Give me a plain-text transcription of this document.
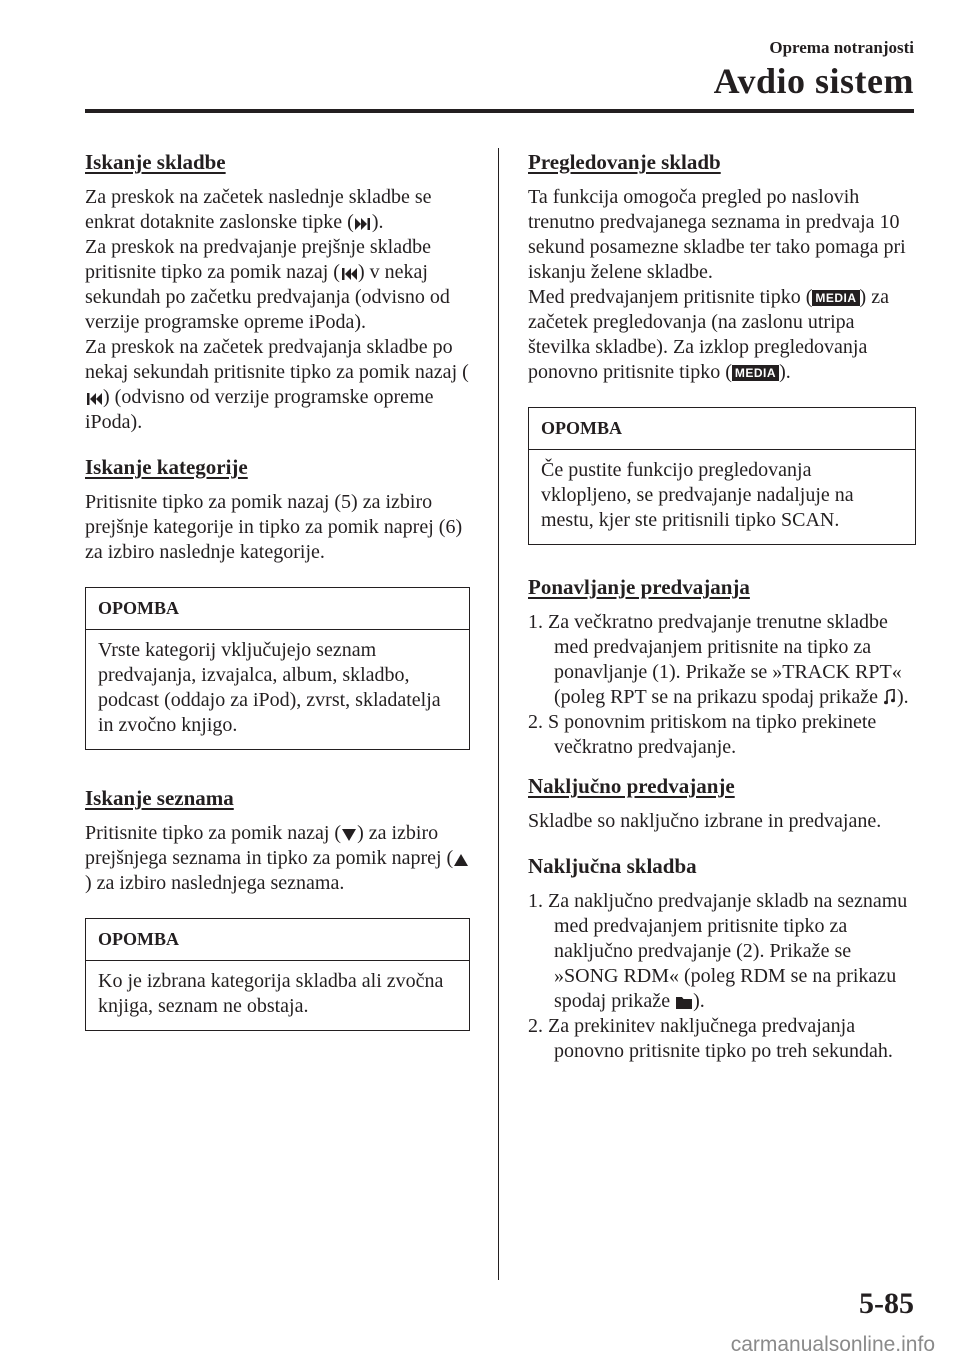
Oprema notranjosti
Avdio sistem
Iskanje skladbe

Za preskok na začetek naslednje skladbe se enkrat dotaknite zaslonske tipke ( ).
Za preskok na predvajanje prejšnje skladbe pritisnite tipko za pomik nazaj ( ) v nekaj sekundah po začetku predvajanja (odvisno od verzije programske opreme iPoda).
Za preskok na začetek predvajanja skladbe po nekaj sekundah pritisnite tipko za pomik nazaj () (odvisno od verzije programske opreme iPoda).

Iskanje kategorije

Pritisnite tipko za pomik nazaj (5) za izbiro prejšnje kategorije in tipko za pomik naprej (6) za izbiro naslednje kategorije.

OPOMBA
Vrste kategorij vključujejo seznam predvajanja, izvajalca, album, skladbo, podcast (oddajo za iPod), zvrst, skladatelja in zvočno knjigo.
Iskanje seznama

Pritisnite tipko za pomik nazaj ( ) za izbiro prejšnjega seznama in tipko za pomik naprej () za izbiro naslednjega seznama.

OPOMBA
Ko je izbrana kategorija skladba ali zvočna knjiga, seznam ne obstaja.
Pregledovanje skladb

Ta funkcija omogoča pregled po naslovih trenutno predvajanega seznama in predvaja 10 sekund posamezne skladbe ter tako pomaga pri iskanju želene skladbe.
Med predvajanjem pritisnite tipko ( MEDIA ) za začetek pregledovanja (na zaslonu utripa številka skladbe). Za izklop pregledovanja ponovno pritisnite tipko ( MEDIA ).

OPOMBA
Če pustite funkcijo pregledovanja vklopljeno, se predvajanje nadaljuje na mestu, kjer ste pritisnili tipko SCAN.
Ponavljanje predvajanja
1. Za večkratno predvajanje trenutne skladbe med predvajanjem pritisnite na tipko za ponavljanje (1). Prikaže se »TRACK RPT« (poleg RPT se na prikazu spodaj prikaže ).
2. S ponovnim pritiskom na tipko prekinete večkratno predvajanje.
Naključno predvajanje

Skladbe so naključno izbrane in predvajane.

Naključna skladba
1. Za naključno predvajanje skladb na seznamu med predvajanjem pritisnite tipko za naključno predvajanje (2). Prikaže se »SONG RDM« (poleg RDM se na prikazu spodaj prikaže ).
2. Za prekinitev naključnega predvajanja ponovno pritisnite tipko po treh sekundah.
5-85
carmanualsonline.info
